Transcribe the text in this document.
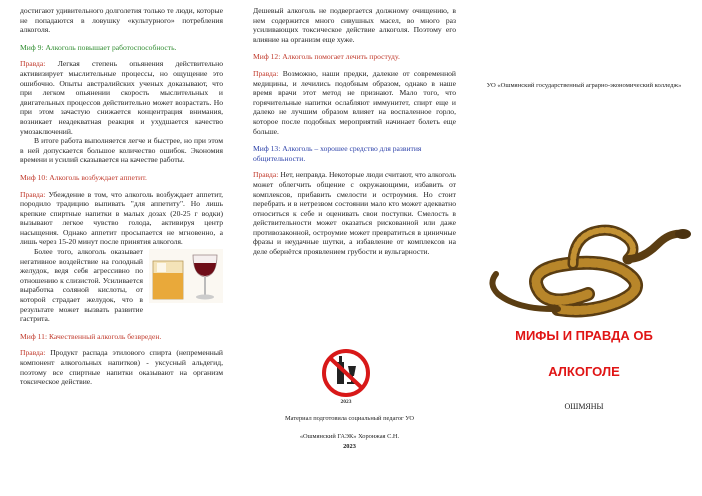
достигают удивительного долголетия только те люди, которые не попадаются в ловушку «культурного» потребления алкоголя.

Миф 9: Алкоголь повышает работоспособность.

Правда: Легкая степень опьянения действительно активизирует мыслительные процессы, но ощущение это ошибочно. Опыты австралийских ученых доказывают, что при легком опьянении скорость мыслительных и двигательных процессов действительно может возрастать. Но при этом зачастую снижается концентрация внимания, возникает неадекватная реакция и ухудшается качество умозаключений.

В итоге работа выполняется легче и быстрее, но при этом в ней допускается большое количество ошибок. Экономия времени и усилий сказывается на качестве работы.

Миф 10: Алкоголь возбуждает аппетит.

Правда: Убеждение в том, что алкоголь возбуждает аппетит, породило традицию выпивать "для аппетиту". Но лишь крепкие спиртные напитки в малых дозах (20-25 г водки) вызывают легкое чувство голода, активируя центр насыщения. Однако аппетит просыпается не мгновенно, а лишь через 15-20 минут после принятия алкоголя.

Более того, алкоголь оказывает негативное воздействие на голодный желудок, ведя себя агрессивно по отношению к слизистой. Усиливается выработка соляной кислоты, от которой страдает желудок, что в результате может вызвать развитие гастрита.

Миф 11: Качественный алкоголь безвреден.

Правда: Продукт распада этилового спирта (непременный компонент алкогольных напитков) - уксусный альдегид, поэтому все спиртные напитки оказывают на организм токсическое действие.

Дешевый алкоголь не подвергается должному очищению, в нем содержится много сивушных масел, во много раз усиливающих токсическое действие алкоголя. Поэтому его влияние на организм еще хуже.

Миф 12: Алкоголь помогает лечить простуду.

Правда: Возможно, наши предки, далекие от современной медицины, и лечились подобным образом, однако в наше время врачи этот метод не признают. Мало того, что горячительные напитки ослабляют иммунитет, спирт еще и далеко не лучшим образом влияет на воспаленное горло, которое после подобных мероприятий начинает болеть еще больше.

Миф 13: Алкоголь – хорошее средство для развития общительности.

Правда: Нет, неправда. Некоторые люди считают, что алкоголь может облегчить общение с окружающими, избавить от комплексов, прибавить смелости и остроумия. Но стоит перебрать и в нетрезвом состоянии мало кто может адекватно относиться к себе и оценивать свои поступки. Смелость в действительности может оказаться рискованной или даже противозаконной, остроумие может превратиться в циничные фразы и неудачные шутки, а избавление от комплексов на деле обернётся проявлением грубости и вульгарности.

2023
Материал подготовила социальный педагог УО
«Ошмянский ГАЭК» Хоронжая С.Н.
2023
УО «Ошмянский государственный аграрно-экономический колледж»
МИФЫ И ПРАВДА ОБ
АЛКОГОЛЕ
ОШМЯНЫ
